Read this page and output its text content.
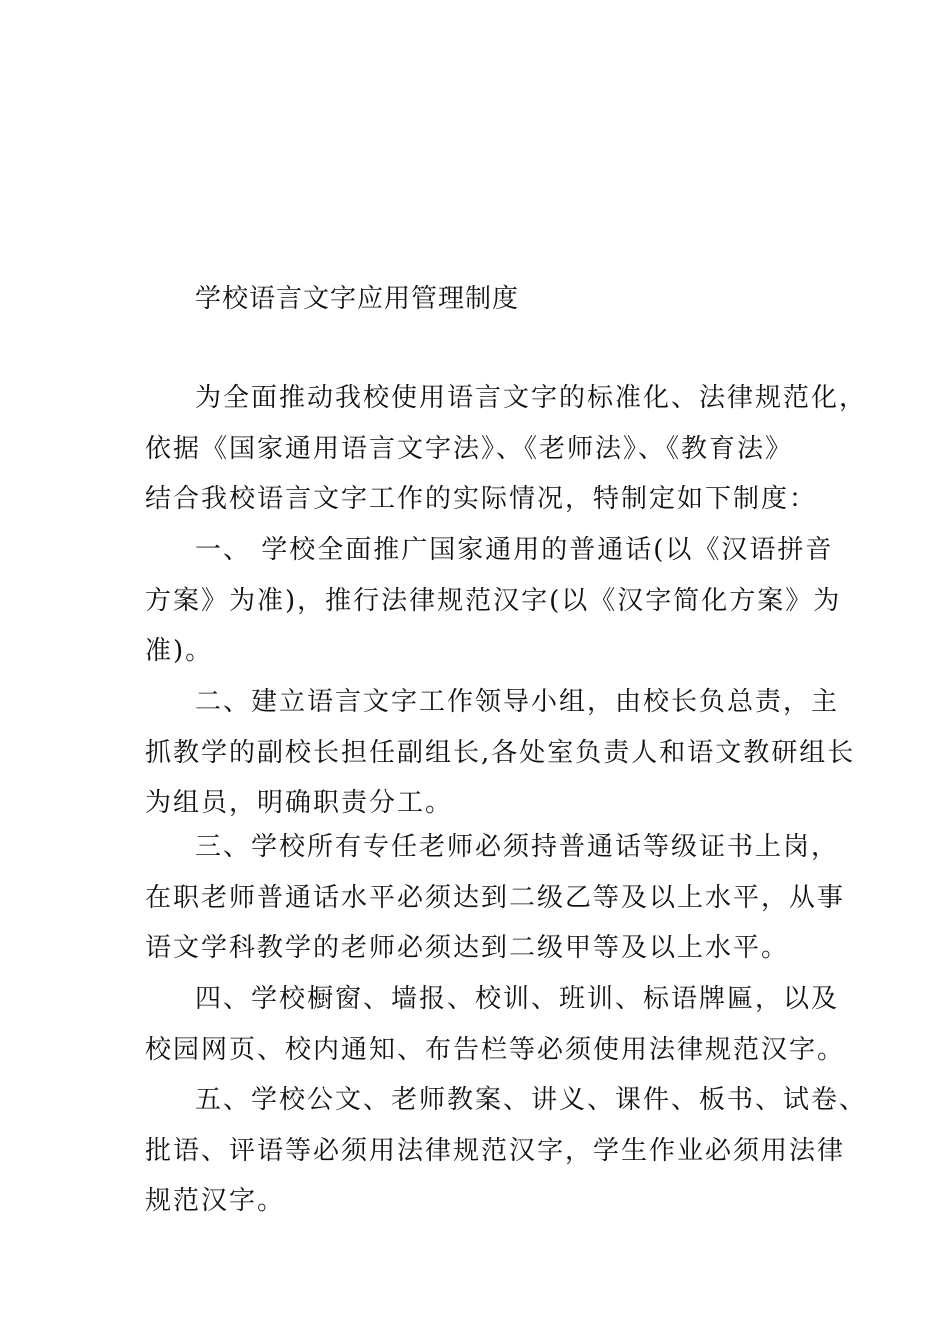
学校语言文字应用管理制度
为全面推动我校使用语言文字的标准化、法律规范化，
依据《国家通用语言文字法》、《老师法》、《教育法》
结合我校语言文字工作的实际情况，特制定如下制度：
一、 学校全面推广国家通用的普通话(以《汉语拼音
方案》为准)，推行法律规范汉字(以《汉字简化方案》为
准)。
二、建立语言文字工作领导小组，由校长负总责，主
抓教学的副校长担任副组长,各处室负责人和语文教研组长
为组员，明确职责分工。
三、学校所有专任老师必须持普通话等级证书上岗，
在职老师普通话水平必须达到二级乙等及以上水平，从事
语文学科教学的老师必须达到二级甲等及以上水平。
四、学校橱窗、墙报、校训、班训、标语牌匾，以及
校园网页、校内通知、布告栏等必须使用法律规范汉字。
五、学校公文、老师教案、讲义、课件、板书、试卷、
批语、评语等必须用法律规范汉字，学生作业必须用法律
规范汉字。
